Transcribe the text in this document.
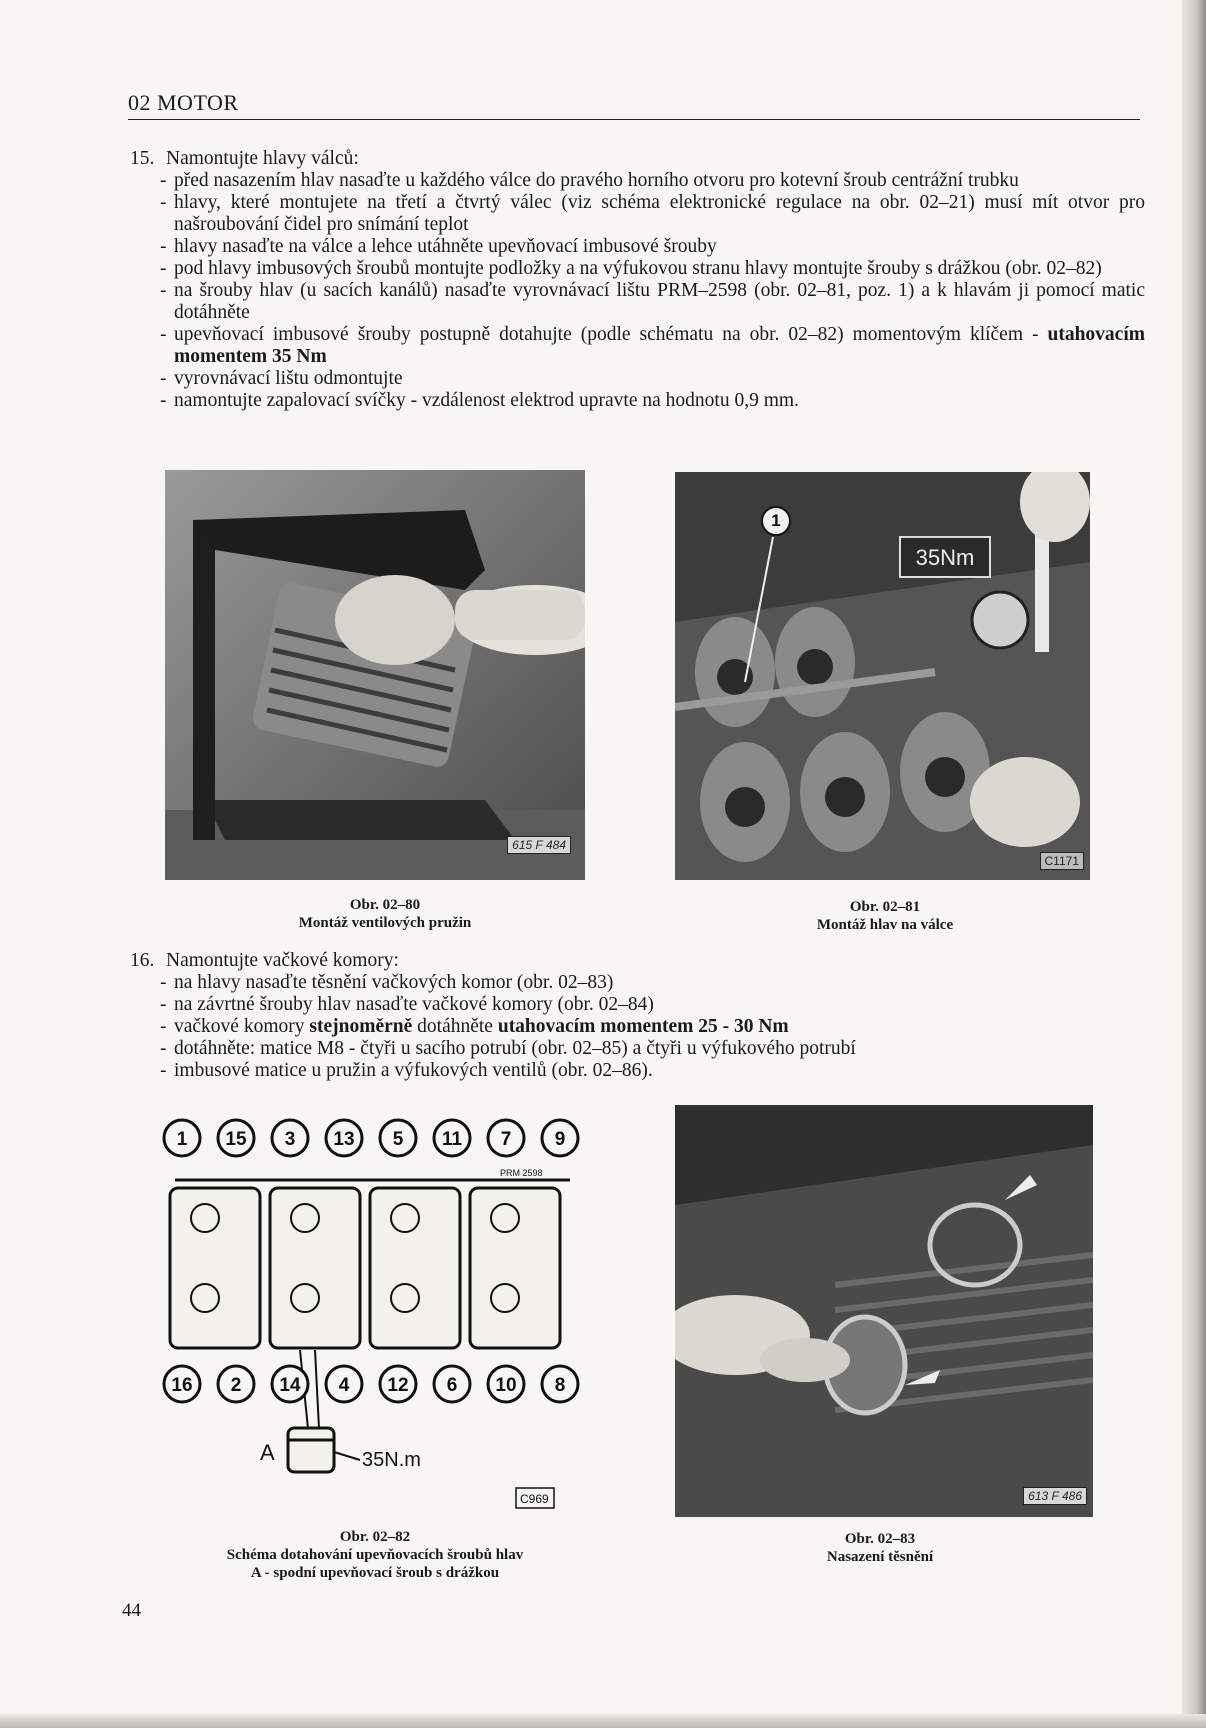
02 MOTOR
15. Namontujte hlavy válců:
- před nasazením hlav nasaďte u každého válce do pravého horního otvoru pro kotevní šroub centrážní trubku
- hlavy, které montujete na třetí a čtvrtý válec (viz schéma elektronické regulace na obr. 02–21) musí mít otvor pro našroubování čidel pro snímání teplot
- hlavy nasaďte na válce a lehce utáhněte upevňovací imbusové šrouby
- pod hlavy imbusových šroubů montujte podložky a na výfukovou stranu hlavy montujte šrouby s drážkou (obr. 02–82)
- na šrouby hlav (u sacích kanálů) nasaďte vyrovnávací lištu PRM–2598 (obr. 02–81, poz. 1) a k hlavám ji pomocí matic dotáhněte
- upevňovací imbusové šrouby postupně dotahujte (podle schématu na obr. 02–82) momentovým klíčem - utahovacím momentem 35 Nm
- vyrovnávací lištu odmontujte
- namontujte zapalovací svíčky - vzdálenost elektrod upravte na hodnotu 0,9 mm.
615 F 484
Obr. 02–80
Montáž ventilových pružin
1
35Nm
C1171
Obr. 02–81
Montáž hlav na válce
16. Namontujte vačkové komory:
- na hlavy nasaďte těsnění vačkových komor (obr. 02–83)
- na závrtné šrouby hlav nasaďte vačkové komory (obr. 02–84)
- vačkové komory stejnoměrně dotáhněte utahovacím momentem 25 - 30 Nm
- dotáhněte: matice M8 - čtyři u sacího potrubí (obr. 02–85) a čtyři u výfukového potrubí
- imbusové matice u pružin a výfukových ventilů (obr. 02–86).
PRM 2598
A	35N.m
C969
1 15 3 13 5 11 7 9
16 2 14 4 12 6 10 8
Obr. 02–82
Schéma dotahování upevňovacích šroubů hlav
A - spodní upevňovací šroub s drážkou
613 F 486
Obr. 02–83
Nasazení těsnění
44
